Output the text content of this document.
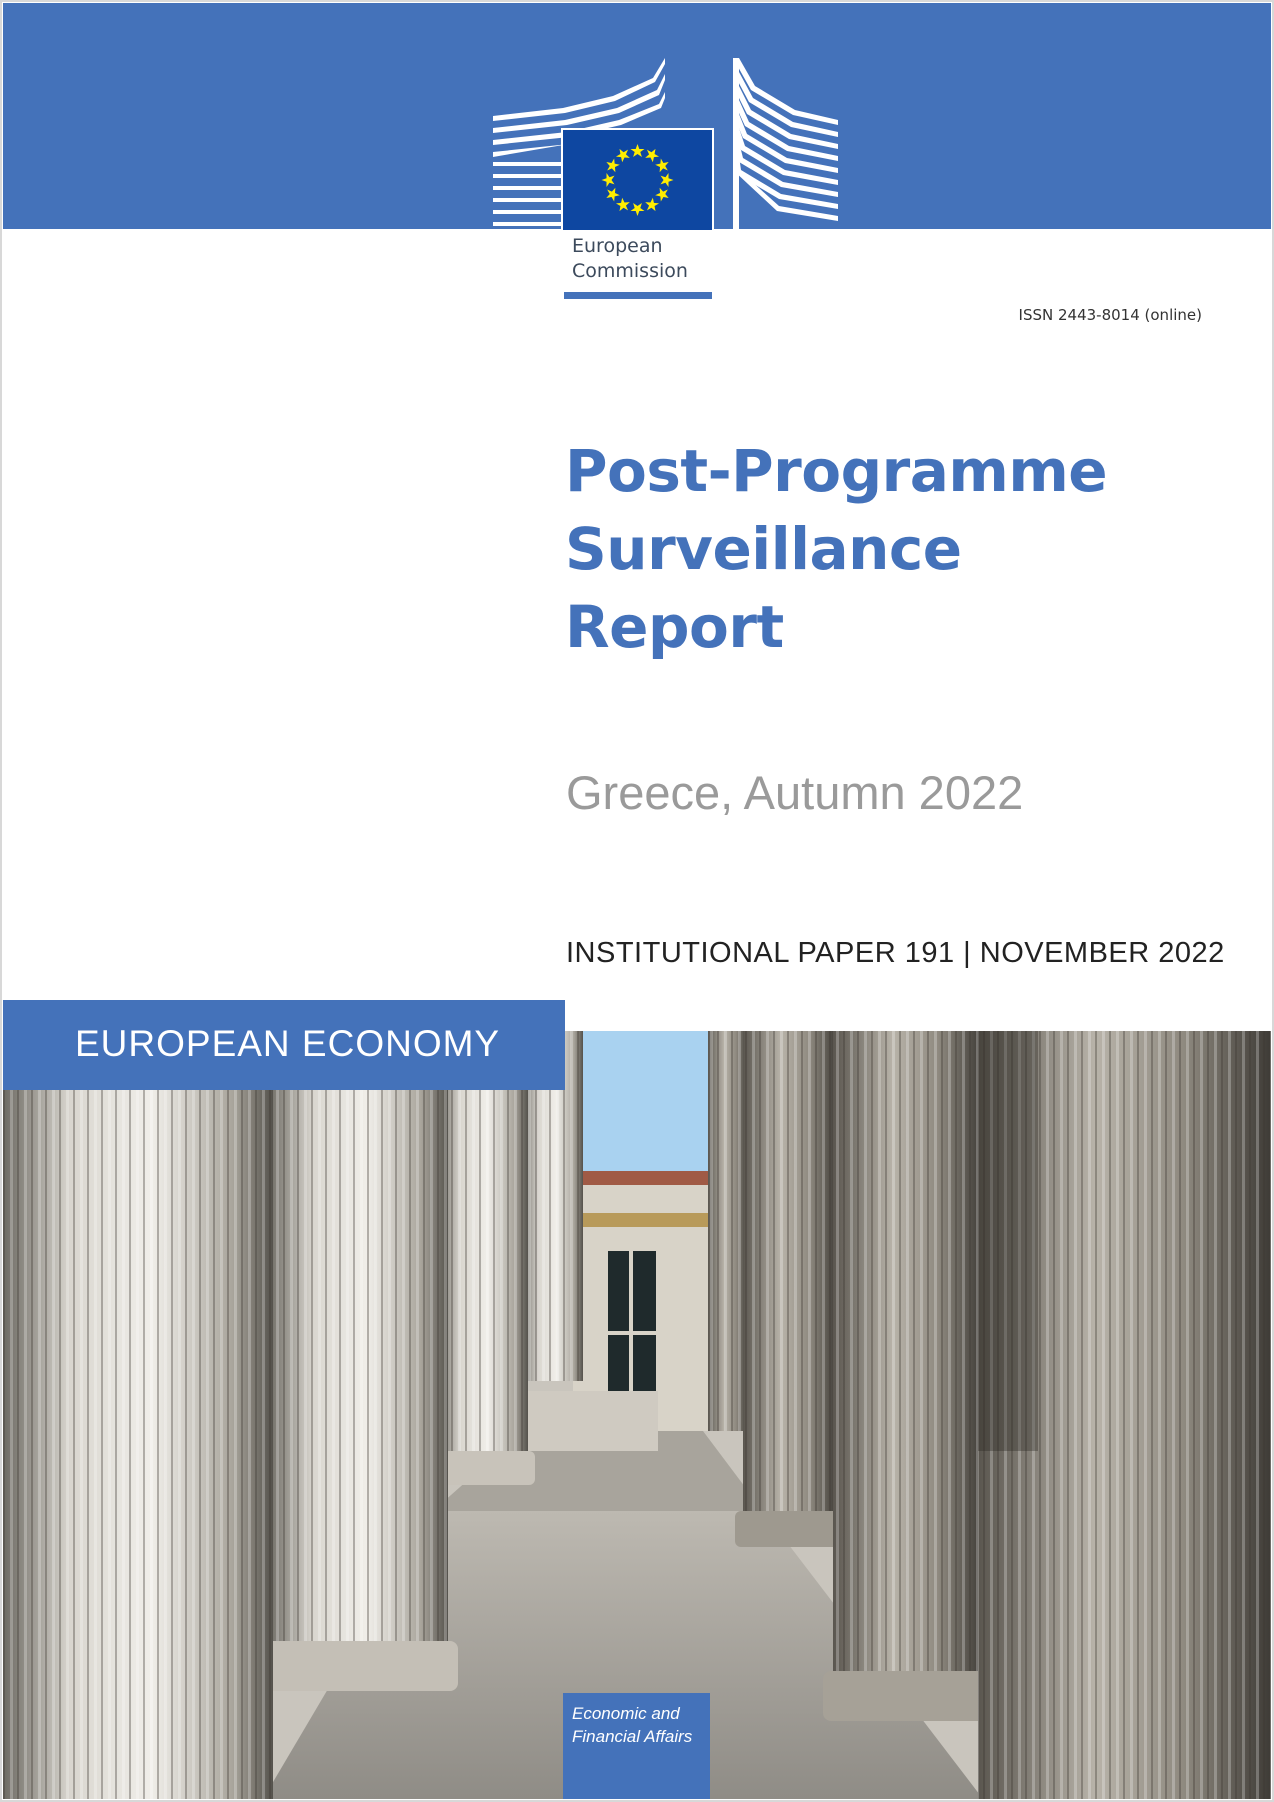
European
Commission
ISSN 2443-8014 (online)
Post-Programme
Surveillance
Report
Greece, Autumn 2022
INSTITUTIONAL PAPER 191 | NOVEMBER 2022
EUROPEAN ECONOMY
Economic and
Financial Affairs
